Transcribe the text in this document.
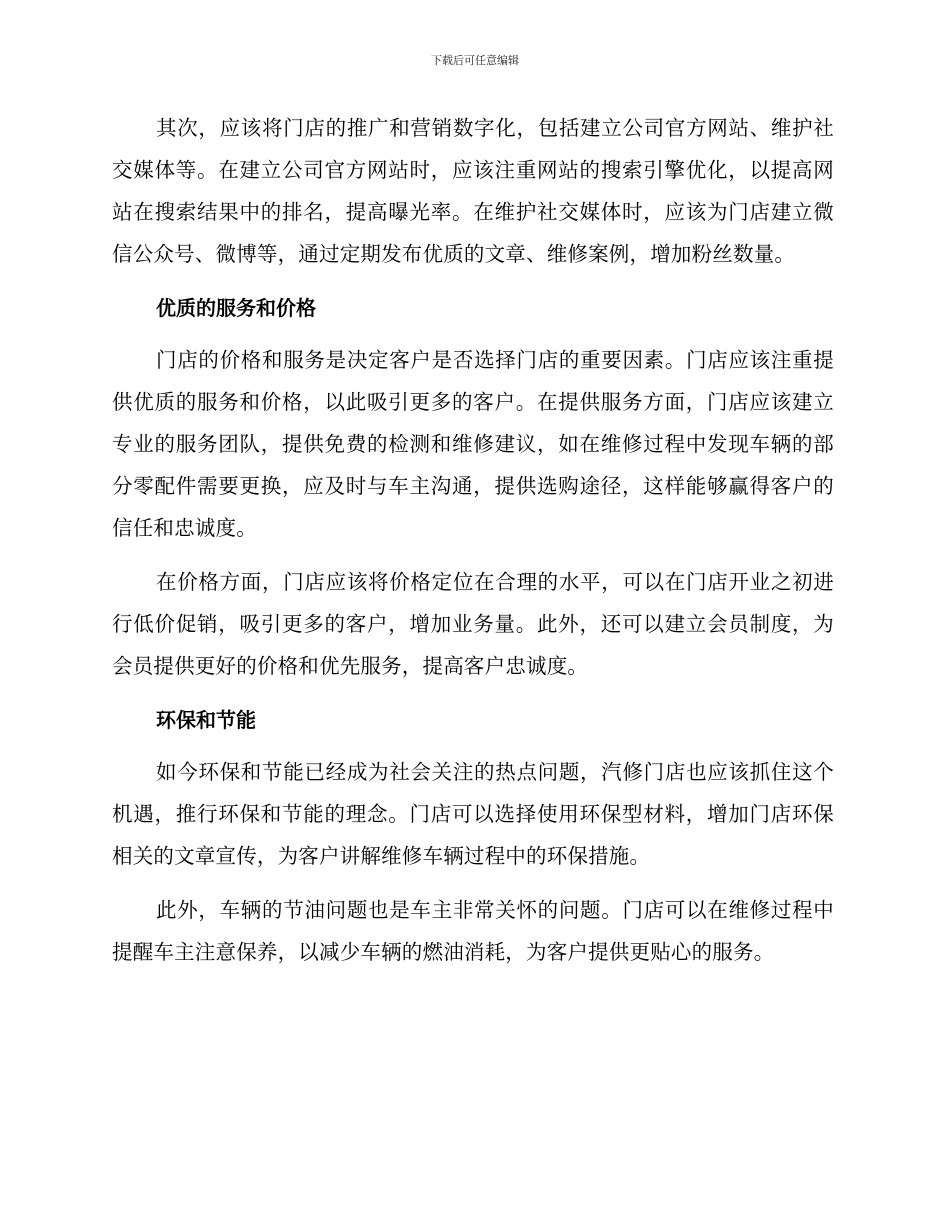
下载后可任意编辑

其次，应该将门店的推广和营销数字化，包括建立公司官方网站、维护社交媒体等。在建立公司官方网站时，应该注重网站的搜索引擎优化，以提高网站在搜索结果中的排名，提高曝光率。在维护社交媒体时，应该为门店建立微信公众号、微博等，通过定期发布优质的文章、维修案例，增加粉丝数量。

优质的服务和价格

门店的价格和服务是决定客户是否选择门店的重要因素。门店应该注重提供优质的服务和价格，以此吸引更多的客户。在提供服务方面，门店应该建立专业的服务团队，提供免费的检测和维修建议，如在维修过程中发现车辆的部分零配件需要更换，应及时与车主沟通，提供选购途径，这样能够赢得客户的信任和忠诚度。

在价格方面，门店应该将价格定位在合理的水平，可以在门店开业之初进行低价促销，吸引更多的客户，增加业务量。此外，还可以建立会员制度，为会员提供更好的价格和优先服务，提高客户忠诚度。

环保和节能

如今环保和节能已经成为社会关注的热点问题，汽修门店也应该抓住这个机遇，推行环保和节能的理念。门店可以选择使用环保型材料，增加门店环保相关的文章宣传，为客户讲解维修车辆过程中的环保措施。

此外，车辆的节油问题也是车主非常关怀的问题。门店可以在维修过程中提醒车主注意保养，以减少车辆的燃油消耗，为客户提供更贴心的服务。
